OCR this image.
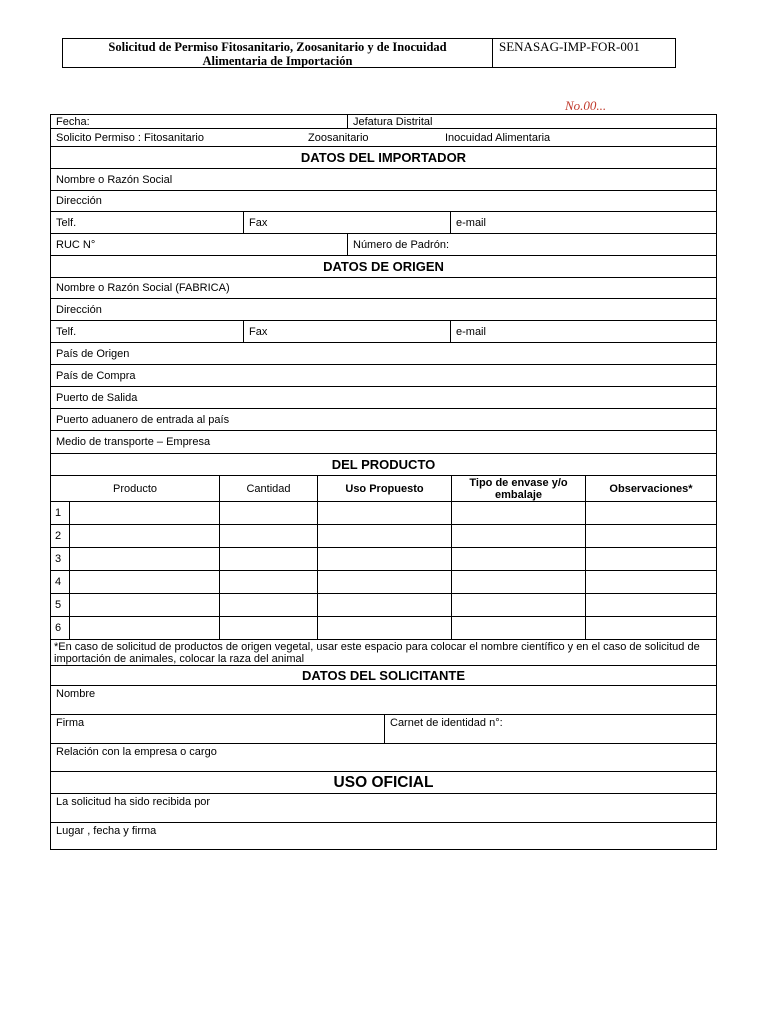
Solicitud de Permiso Fitosanitario, Zoosanitario y de Inocuidad
Alimentaria de Importación
SENASAG-IMP-FOR-001
No.00...
Fecha:	Jefatura Distrital
Solicito Permiso : Fitosanitario	Zoosanitario	Inocuidad Alimentaria
DATOS DEL IMPORTADOR
Nombre o Razón Social
Dirección
Telf.	Fax	e-mail
RUC N°	Número de Padrón:
DATOS DE ORIGEN
Nombre o Razón Social (FABRICA)
Dirección
Telf.	Fax	e-mail
País de Origen
País de Compra
Puerto de Salida
Puerto aduanero de entrada al país
Medio de transporte – Empresa
DEL PRODUCTO
Producto	Cantidad	Uso Propuesto	Tipo de envase y/o embalaje	Observaciones*
1
2
3
4
5
6
*En caso de solicitud de productos de origen vegetal, usar este espacio para colocar el nombre científico y en el caso de solicitud de importación de animales, colocar la raza del animal
DATOS DEL SOLICITANTE
Nombre
Firma	Carnet de identidad n°:
Relación con la empresa o cargo
USO OFICIAL
La solicitud ha sido recibida por
Lugar , fecha y firma
